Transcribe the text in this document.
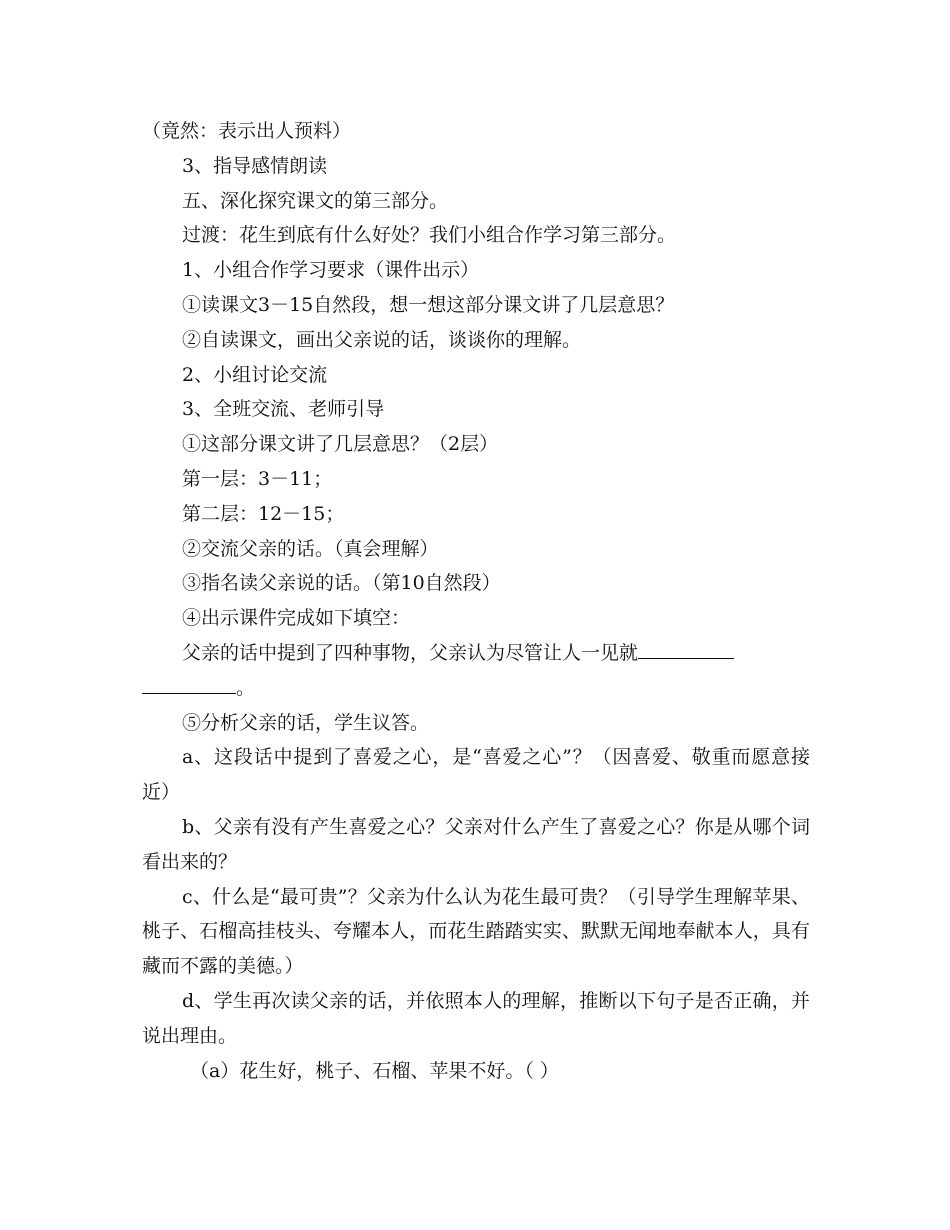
（竟然：表示出人预料）

3、指导感情朗读

五、深化探究课文的第三部分。

过渡：花生到底有什么好处？我们小组合作学习第三部分。

1、小组合作学习要求（课件出示）

①读课文3－15自然段，想一想这部分课文讲了几层意思？

②自读课文，画出父亲说的话，谈谈你的理解。

2、小组讨论交流

3、全班交流、老师引导

①这部分课文讲了几层意思？（2层）

第一层：3－11；

第二层：12－15；

②交流父亲的话。（真会理解）

③指名读父亲说的话。（第10自然段）

④出示课件完成如下填空：

父亲的话中提到了四种事物，父亲认为尽管让人一见就

。

⑤分析父亲的话，学生议答。

a、这段话中提到了喜爱之心，是“喜爱之心”？（因喜爱、敬重而愿意接近）

b、父亲有没有产生喜爱之心？父亲对什么产生了喜爱之心？你是从哪个词看出来的？

c、什么是“最可贵”？父亲为什么认为花生最可贵？（引导学生理解苹果、桃子、石榴高挂枝头、夸耀本人，而花生踏踏实实、默默无闻地奉献本人，具有藏而不露的美德。）

d、学生再次读父亲的话，并依照本人的理解，推断以下句子是否正确，并说出理由。

（a）花生好，桃子、石榴、苹果不好。（ ）
